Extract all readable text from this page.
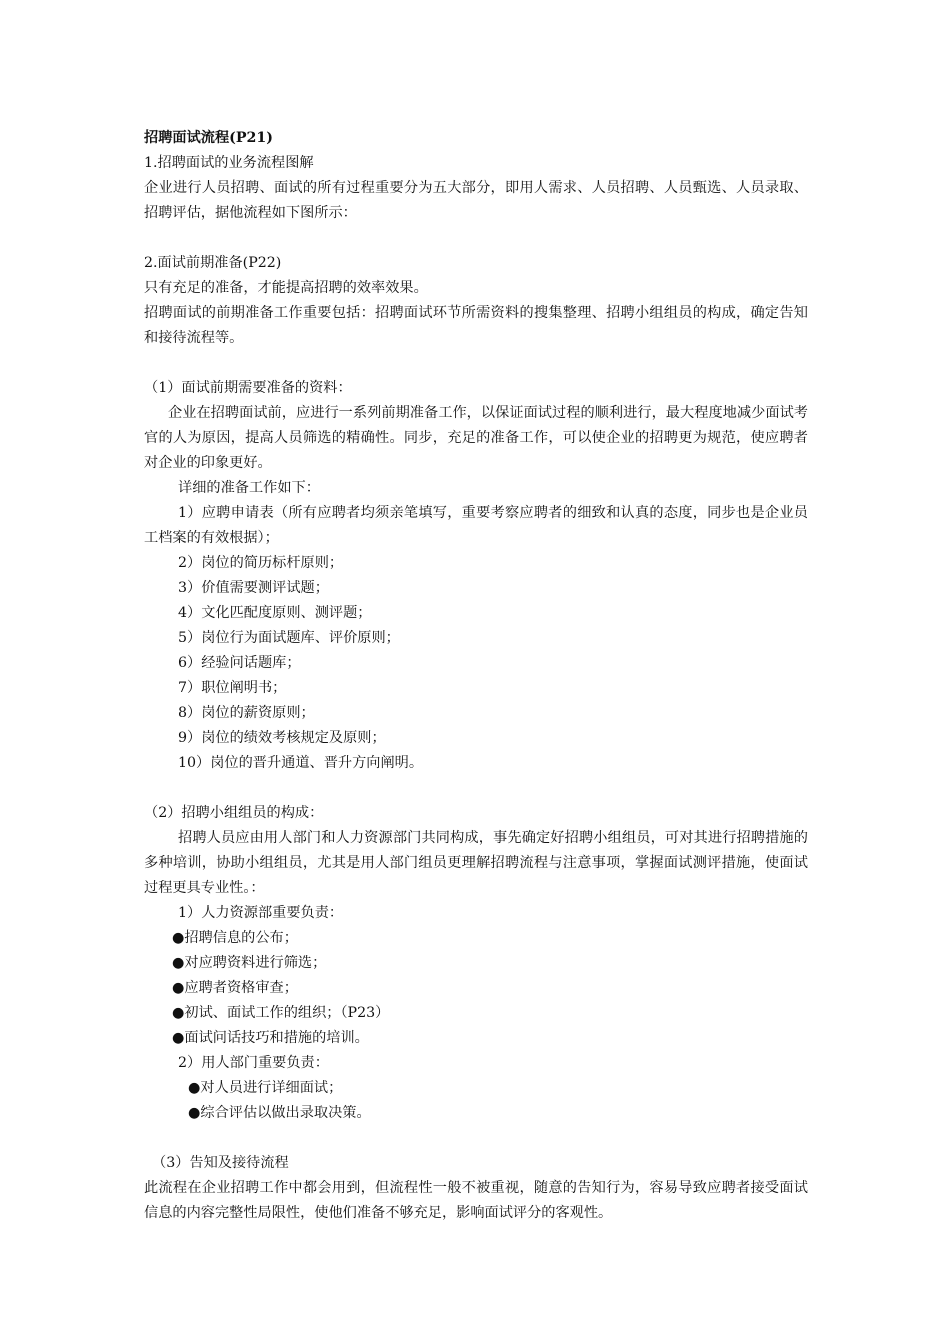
招聘面试流程(P21)
1.招聘面试的业务流程图解
企业进行人员招聘、面试的所有过程重要分为五大部分，即用人需求、人员招聘、人员甄选、人员录取、招聘评估，据他流程如下图所示：
2.面试前期准备(P22)
只有充足的准备，才能提高招聘的效率效果。
招聘面试的前期准备工作重要包括：招聘面试环节所需资料的搜集整理、招聘小组组员的构成，确定告知和接待流程等。
（1）面试前期需要准备的资料：
企业在招聘面试前，应进行一系列前期准备工作，以保证面试过程的顺利进行，最大程度地减少面试考官的人为原因，提高人员筛选的精确性。同步，充足的准备工作，可以使企业的招聘更为规范，使应聘者对企业的印象更好。
详细的准备工作如下：
1）应聘申请表（所有应聘者均须亲笔填写，重要考察应聘者的细致和认真的态度，同步也是企业员工档案的有效根据）；
2）岗位的简历标杆原则；
3）价值需要测评试题；
4）文化匹配度原则、测评题；
5）岗位行为面试题库、评价原则；
6）经验问话题库；
7）职位阐明书；
8）岗位的薪资原则；
9）岗位的绩效考核规定及原则；
10）岗位的晋升通道、晋升方向阐明。
（2）招聘小组组员的构成：
招聘人员应由用人部门和人力资源部门共同构成，事先确定好招聘小组组员，可对其进行招聘措施的多种培训，协助小组组员，尤其是用人部门组员更理解招聘流程与注意事项，掌握面试测评措施，使面试过程更具专业性。：
1）人力资源部重要负责：
●招聘信息的公布；
●对应聘资料进行筛选；
●应聘者资格审查；
●初试、面试工作的组织；（P23）
●面试问话技巧和措施的培训。
2）用人部门重要负责：
●对人员进行详细面试；
●综合评估以做出录取决策。
（3）告知及接待流程
此流程在企业招聘工作中都会用到，但流程性一般不被重视，随意的告知行为，容易导致应聘者接受面试信息的内容完整性局限性，使他们准备不够充足，影响面试评分的客观性。
